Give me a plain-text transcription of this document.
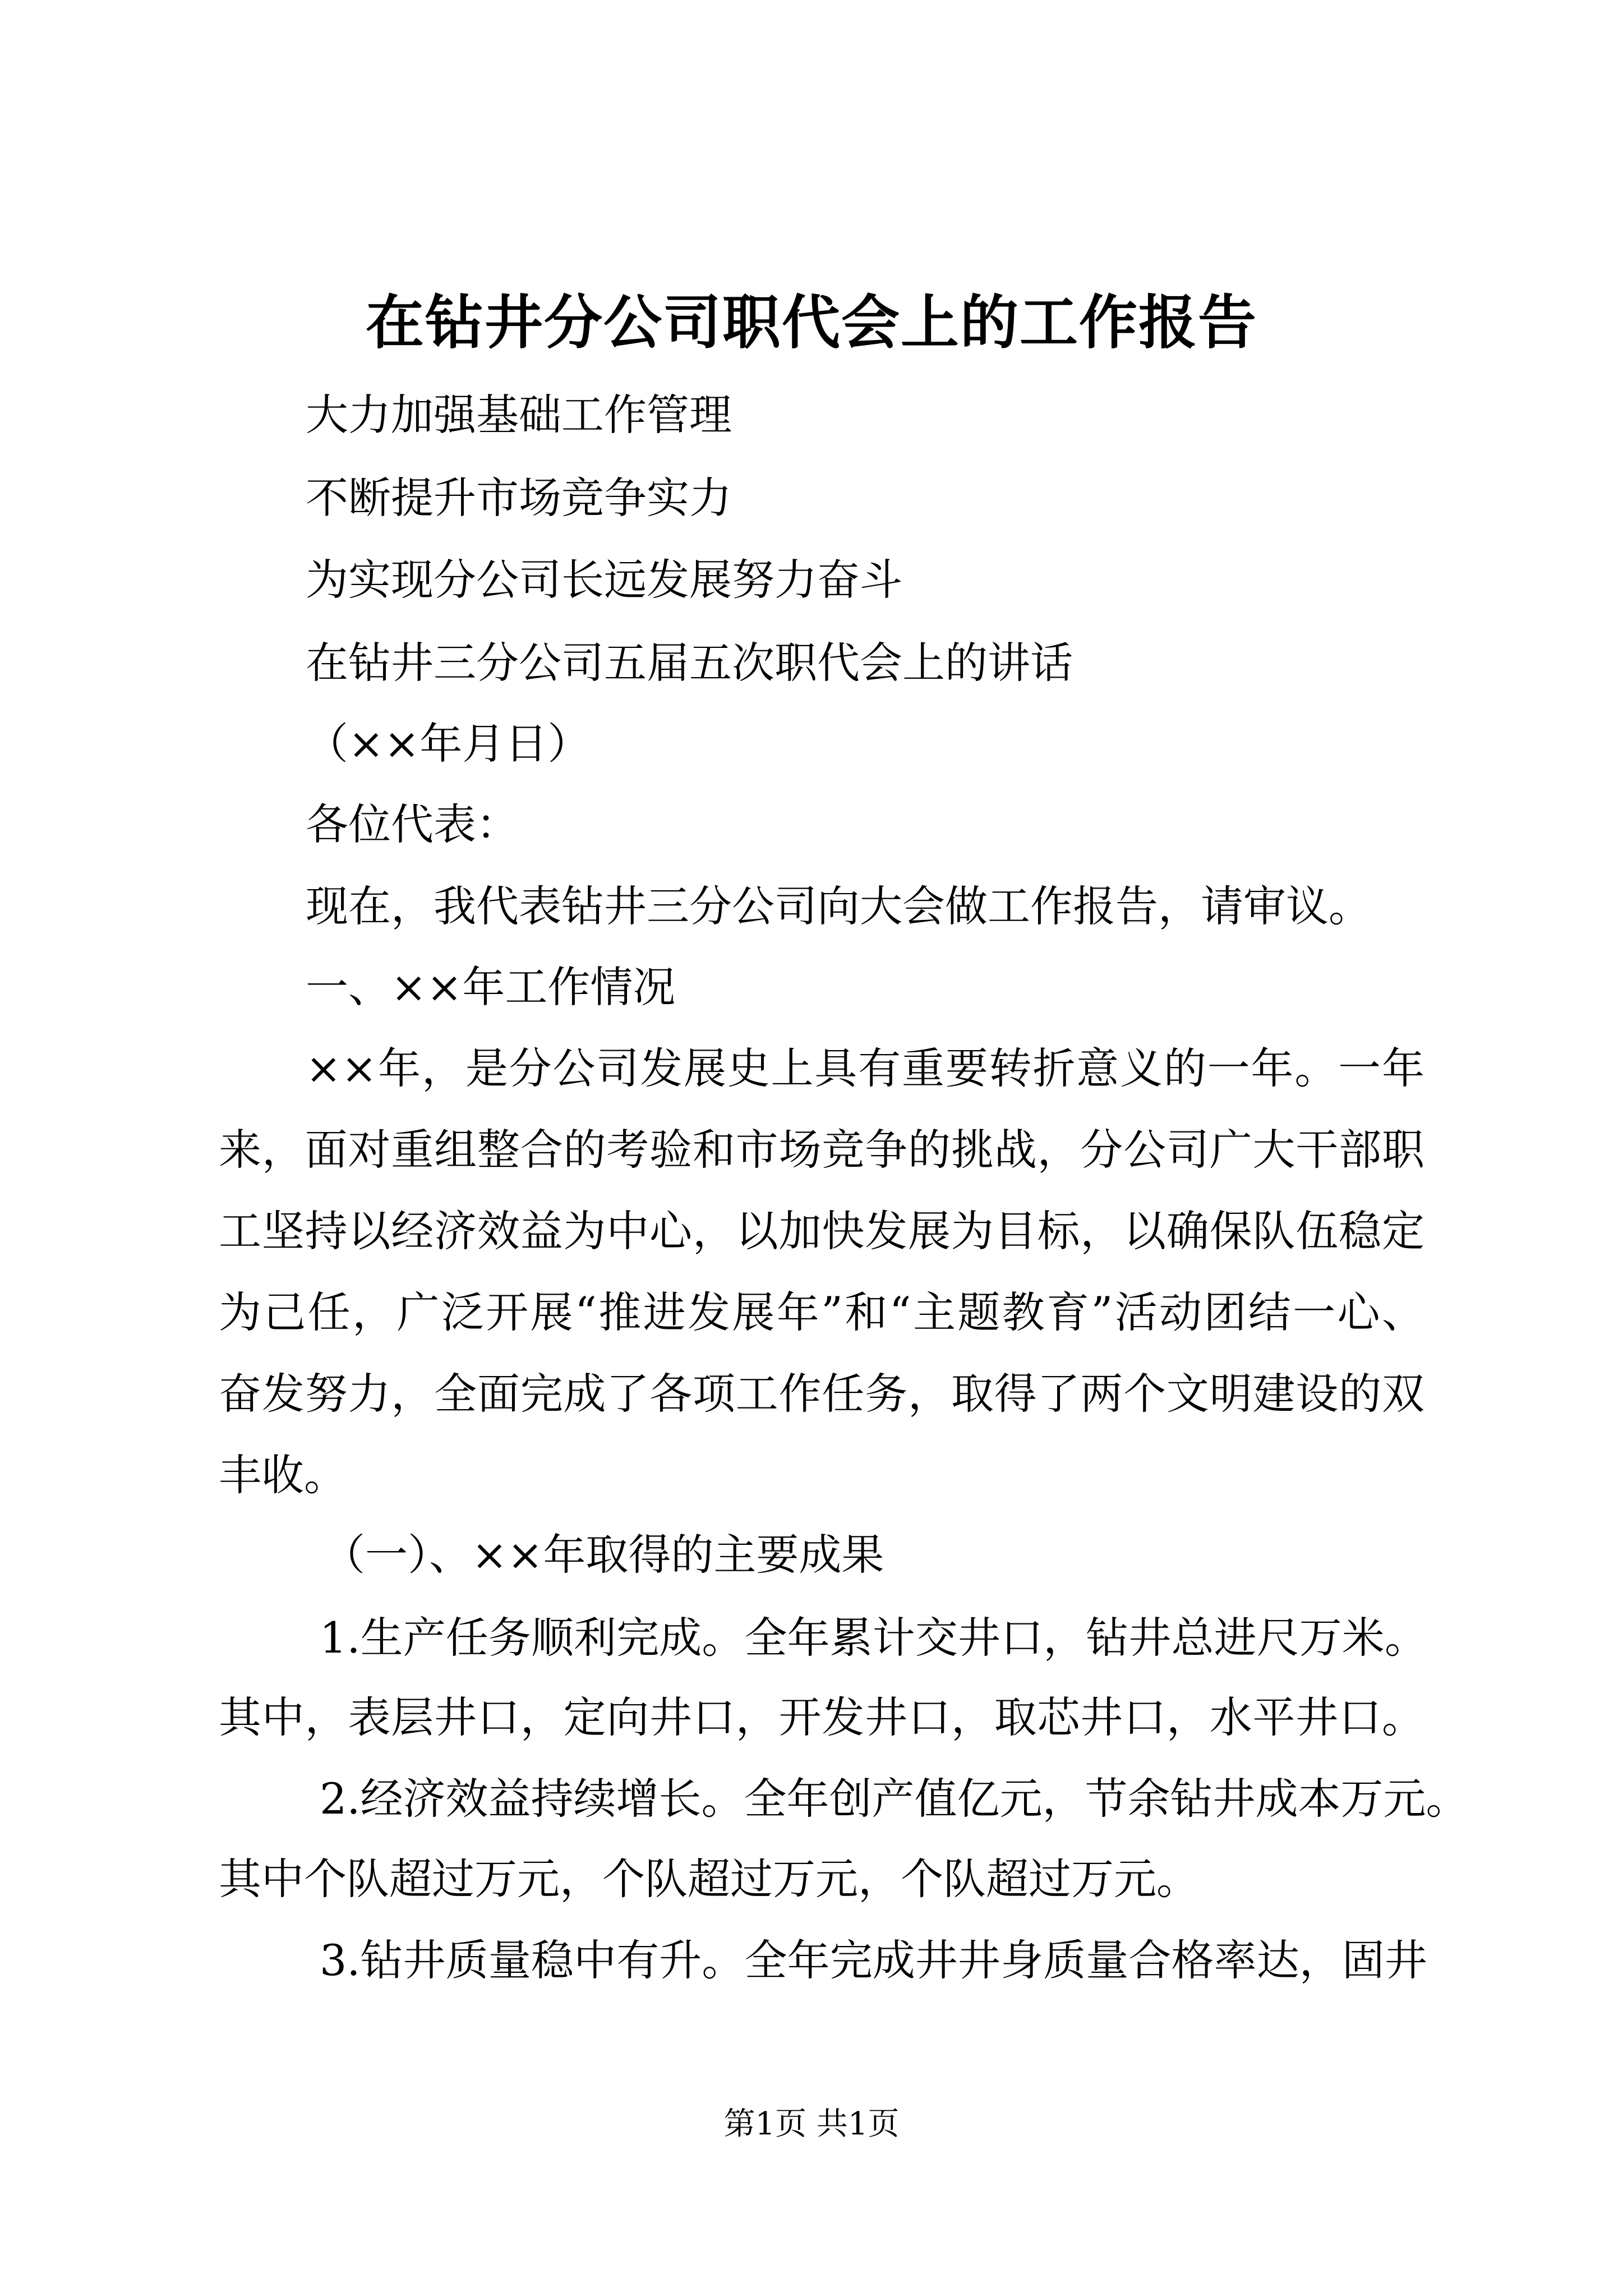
在钻井分公司职代会上的工作报告
大力加强基础工作管理
不断提升市场竞争实力
为实现分公司长远发展努力奋斗
在钻井三分公司五届五次职代会上的讲话
（××年月日）
各位代表：
现在，我代表钻井三分公司向大会做工作报告，请审议。
一、××年工作情况
××年，是分公司发展史上具有重要转折意义的一年。一年
来，面对重组整合的考验和市场竞争的挑战，分公司广大干部职
工坚持以经济效益为中心，以加快发展为目标，以确保队伍稳定
为己任，广泛开展“推进发展年”和“主题教育”活动团结一心、
奋发努力，全面完成了各项工作任务，取得了两个文明建设的双
丰收。
（一）、××年取得的主要成果
1.生产任务顺利完成。全年累计交井口，钻井总进尺万米。
其中，表层井口，定向井口，开发井口，取芯井口，水平井口。
2.经济效益持续增长。全年创产值亿元，节余钻井成本万元。
其中个队超过万元，个队超过万元，个队超过万元。
3.钻井质量稳中有升。全年完成井井身质量合格率达，固井
第1页 共1页
